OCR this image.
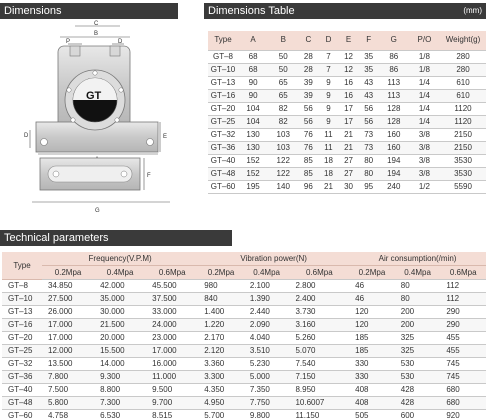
Dimensions	Dimensions Table	(mm)
Technical parameters
C
B
P	D
GT
D	E
F
G
Type	A	B	C	D	E	F	G	P/O	Weight(g)
GT–8	68	50	28	7	12	35	86	1/8	280
GT–10	68	50	28	7	12	35	86	1/8	280
GT–13	90	65	39	9	16	43	113	1/4	610
GT–16	90	65	39	9	16	43	113	1/4	610
GT–20	104	82	56	9	17	56	128	1/4	1120
GT–25	104	82	56	9	17	56	128	1/4	1120
GT–32	130	103	76	11	21	73	160	3/8	2150
GT–36	130	103	76	11	21	73	160	3/8	2150
GT–40	152	122	85	18	27	80	194	3/8	3530
GT–48	152	122	85	18	27	80	194	3/8	3530
GT–60	195	140	96	21	30	95	240	1/2	5590
Type	Frequency(V.P.M)			Vibration power(N)			Air consumption(/min)		
	0.2Mpa	0.4Mpa	0.6Mpa	0.2Mpa	0.4Mpa	0.6Mpa	0.2Mpa	0.4Mpa	0.6Mpa
GT–8	34.850	42.000	45.500	980	2.100	2.800	46	80	112
GT–10	27.500	35.000	37.500	840	1.390	2.400	46	80	112
GT–13	26.000	30.000	33.000	1.400	2.440	3.730	120	200	290
GT–16	17.000	21.500	24.000	1.220	2.090	3.160	120	200	290
GT–20	17.000	20.000	23.000	2.170	4.040	5.260	185	325	455
GT–25	12.000	15.500	17.000	2.120	3.510	5.070	185	325	455
GT–32	13.500	14.000	16.000	3.360	5.230	7.540	330	530	745
GT–36	7.800	9.300	11.000	3.300	5.000	7.150	330	530	745
GT–40	7.500	8.800	9.500	4.350	7.350	8.950	408	428	680
GT–48	5.800	7.300	9.700	4.950	7.750	10.6007	408	428	680
GT–60	4.758	6.530	8.515	5.700	9.800	11.150	505	600	920
